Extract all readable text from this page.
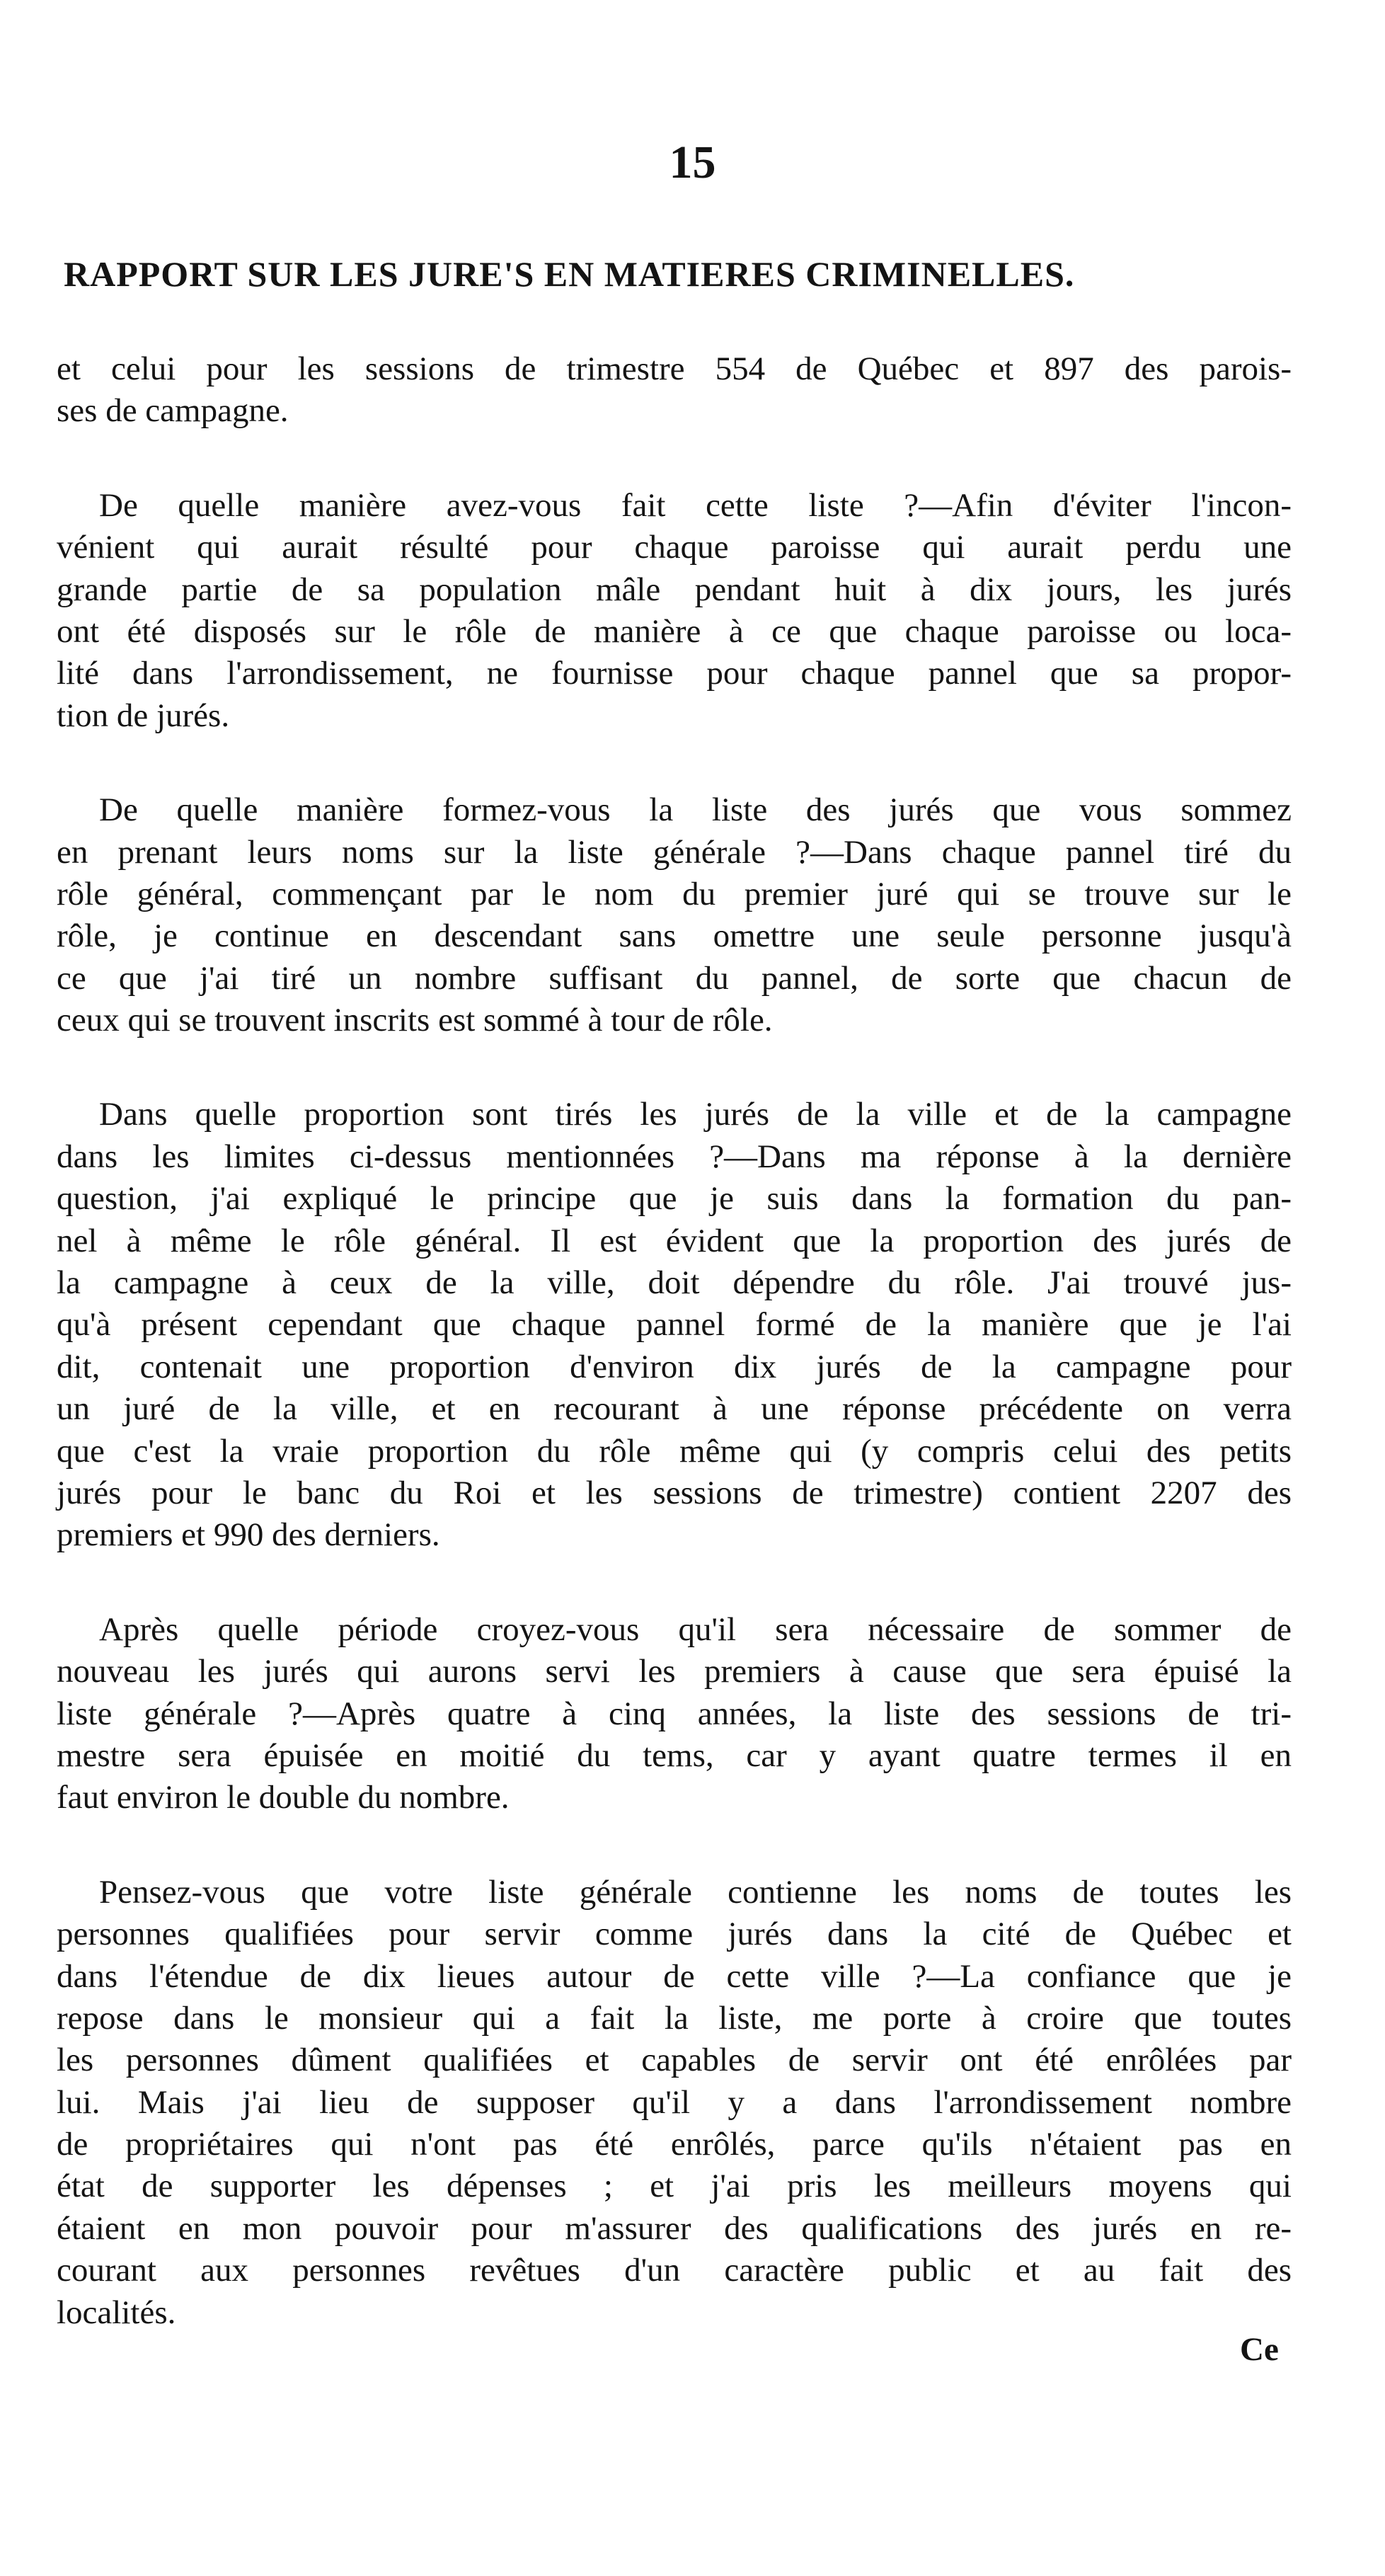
15
RAPPORT SUR LES JURE'S EN MATIERES CRIMINELLES.
et celui pour les sessions de trimestre 554 de Québec et 897 des parois-
ses de campagne.
De quelle manière avez-vous fait cette liste ?—Afin d'éviter l'incon-
vénient qui aurait résulté pour chaque paroisse qui aurait perdu une
grande partie de sa population mâle pendant huit à dix jours, les jurés
ont été disposés sur le rôle de manière à ce que chaque paroisse ou loca-
lité dans l'arrondissement, ne fournisse pour chaque pannel que sa propor-
tion de jurés.
De quelle manière formez-vous la liste des jurés que vous sommez
en prenant leurs noms sur la liste générale ?—Dans chaque pannel tiré du
rôle général, commençant par le nom du premier juré qui se trouve sur le
rôle, je continue en descendant sans omettre une seule personne jusqu'à
ce que j'ai tiré un nombre suffisant du pannel, de sorte que chacun de
ceux qui se trouvent inscrits est sommé à tour de rôle.
Dans quelle proportion sont tirés les jurés de la ville et de la campagne
dans les limites ci-dessus mentionnées ?—Dans ma réponse à la dernière
question, j'ai expliqué le principe que je suis dans la formation du pan-
nel à même le rôle général. Il est évident que la proportion des jurés de
la campagne à ceux de la ville, doit dépendre du rôle. J'ai trouvé jus-
qu'à présent cependant que chaque pannel formé de la manière que je l'ai
dit, contenait une proportion d'environ dix jurés de la campagne pour
un juré de la ville, et en recourant à une réponse précédente on verra
que c'est la vraie proportion du rôle même qui (y compris celui des petits
jurés pour le banc du Roi et les sessions de trimestre) contient 2207 des
premiers et 990 des derniers.
Après quelle période croyez-vous qu'il sera nécessaire de sommer de
nouveau les jurés qui aurons servi les premiers à cause que sera épuisé la
liste générale ?—Après quatre à cinq années, la liste des sessions de tri-
mestre sera épuisée en moitié du tems, car y ayant quatre termes il en
faut environ le double du nombre.
Pensez-vous que votre liste générale contienne les noms de toutes les
personnes qualifiées pour servir comme jurés dans la cité de Québec et
dans l'étendue de dix lieues autour de cette ville ?—La confiance que je
repose dans le monsieur qui a fait la liste, me porte à croire que toutes
les personnes dûment qualifiées et capables de servir ont été enrôlées par
lui. Mais j'ai lieu de supposer qu'il y a dans l'arrondissement nombre
de propriétaires qui n'ont pas été enrôlés, parce qu'ils n'étaient pas en
état de supporter les dépenses ; et j'ai pris les meilleurs moyens qui
étaient en mon pouvoir pour m'assurer des qualifications des jurés en re-
courant aux personnes revêtues d'un caractère public et au fait des
localités.
Ce
